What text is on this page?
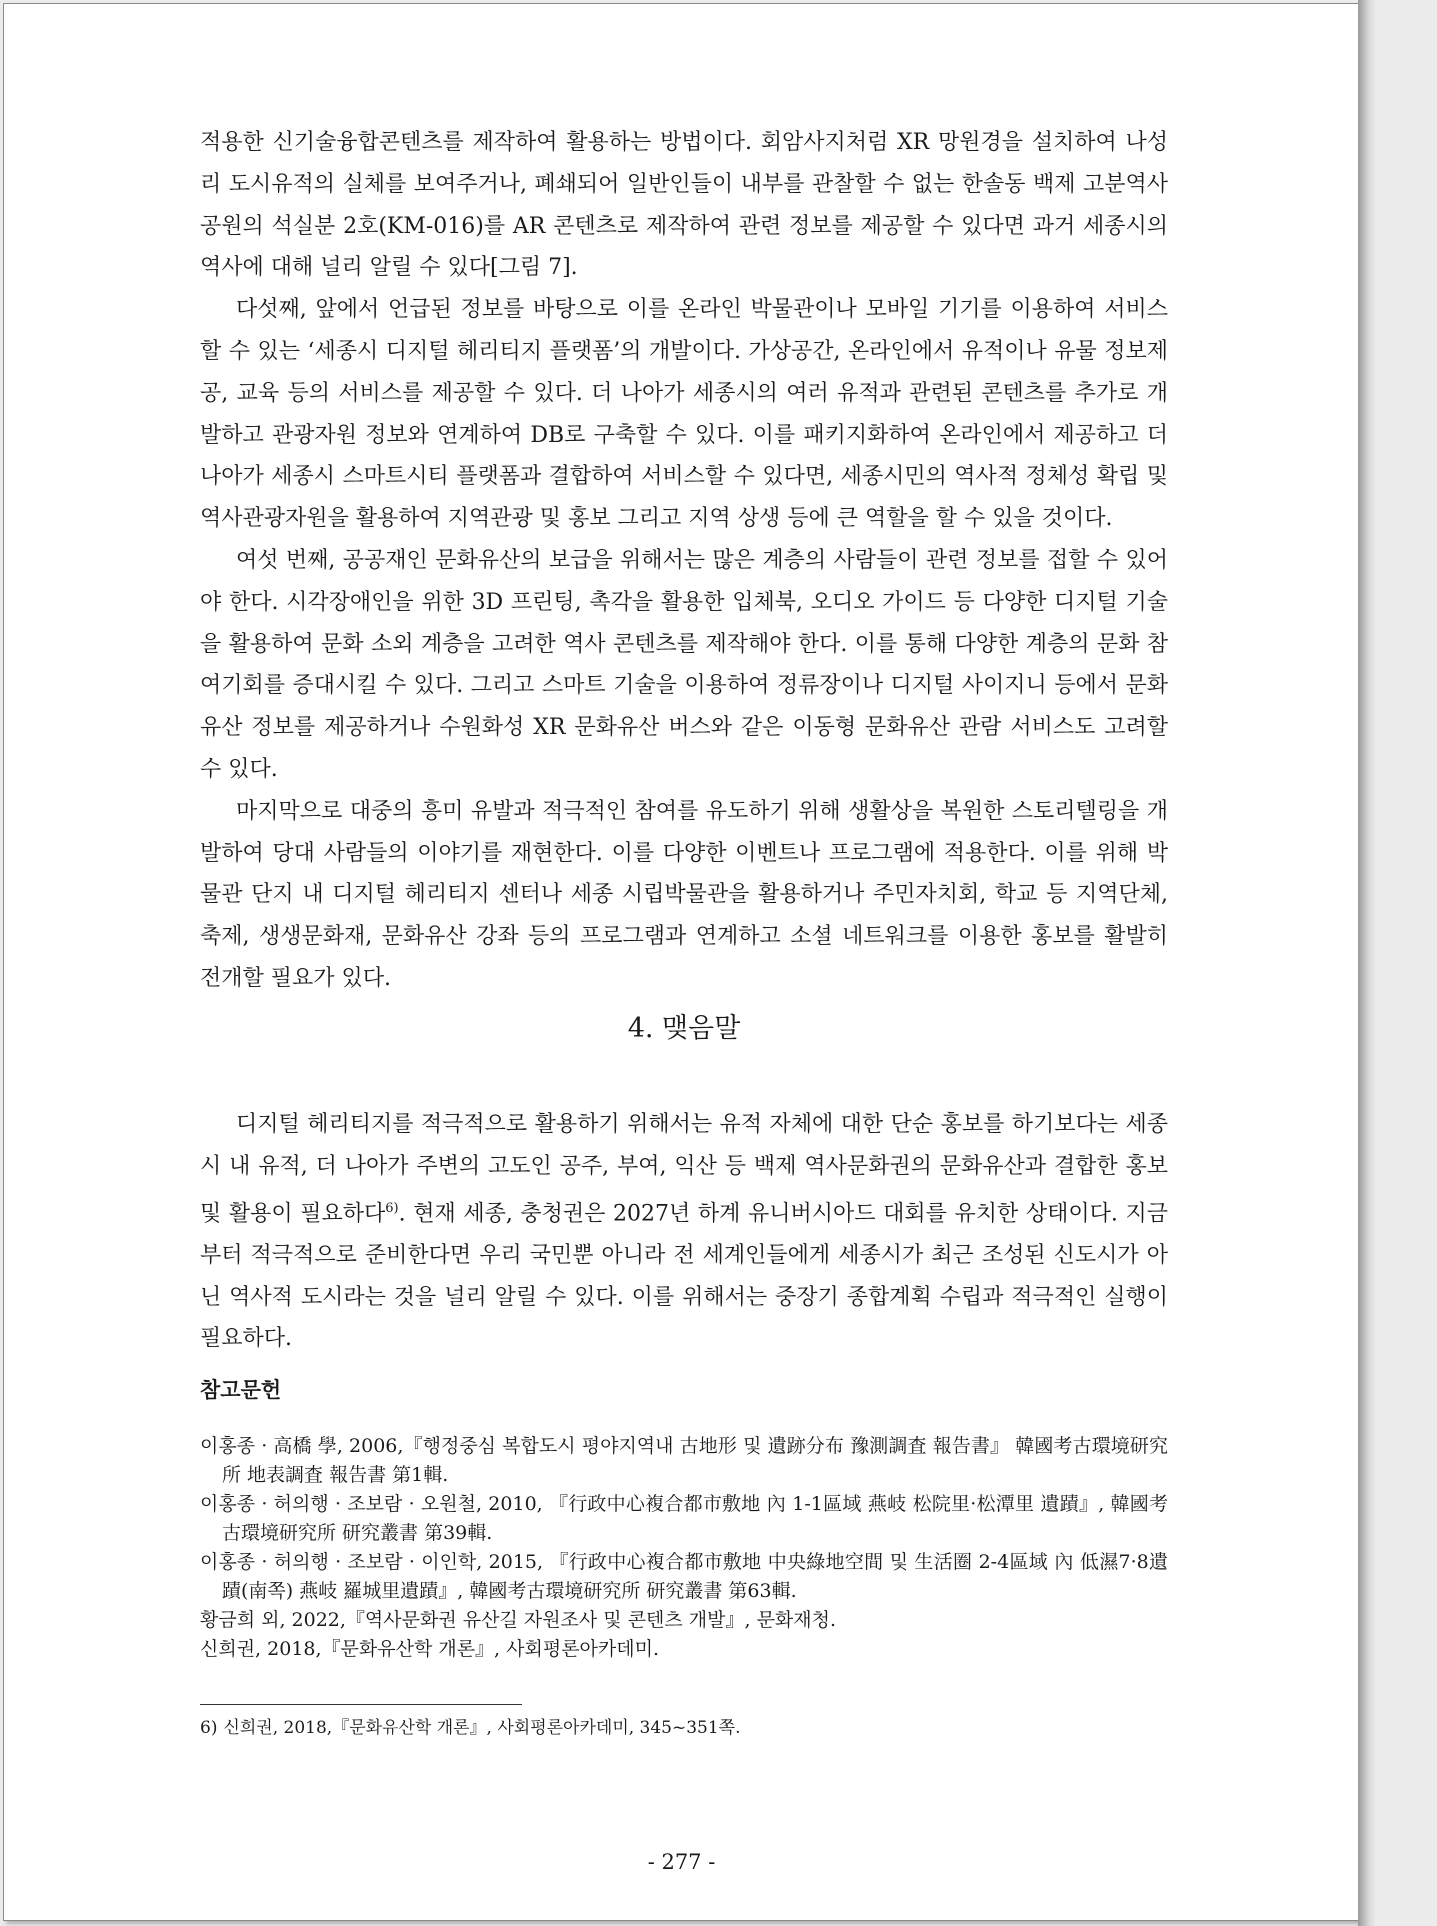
적용한 신기술융합콘텐츠를 제작하여 활용하는 방법이다. 회암사지처럼 XR 망원경을 설치하여 나성리 도시유적의 실체를 보여주거나, 폐쇄되어 일반인들이 내부를 관찰할 수 없는 한솔동 백제 고분역사공원의 석실분 2호(KM-016)를 AR 콘텐츠로 제작하여 관련 정보를 제공할 수 있다면 과거 세종시의 역사에 대해 널리 알릴 수 있다[그림 7].

다섯째, 앞에서 언급된 정보를 바탕으로 이를 온라인 박물관이나 모바일 기기를 이용하여 서비스할 수 있는 ‘세종시 디지털 헤리티지 플랫폼’의 개발이다. 가상공간, 온라인에서 유적이나 유물 정보제공, 교육 등의 서비스를 제공할 수 있다. 더 나아가 세종시의 여러 유적과 관련된 콘텐츠를 추가로 개발하고 관광자원 정보와 연계하여 DB로 구축할 수 있다. 이를 패키지화하여 온라인에서 제공하고 더 나아가 세종시 스마트시티 플랫폼과 결합하여 서비스할 수 있다면, 세종시민의 역사적 정체성 확립 및 역사관광자원을 활용하여 지역관광 및 홍보 그리고 지역 상생 등에 큰 역할을 할 수 있을 것이다.

여섯 번째, 공공재인 문화유산의 보급을 위해서는 많은 계층의 사람들이 관련 정보를 접할 수 있어야 한다. 시각장애인을 위한 3D 프린팅, 촉각을 활용한 입체북, 오디오 가이드 등 다양한 디지털 기술을 활용하여 문화 소외 계층을 고려한 역사 콘텐츠를 제작해야 한다. 이를 통해 다양한 계층의 문화 참여기회를 증대시킬 수 있다. 그리고 스마트 기술을 이용하여 정류장이나 디지털 사이지니 등에서 문화유산 정보를 제공하거나 수원화성 XR 문화유산 버스와 같은 이동형 문화유산 관람 서비스도 고려할 수 있다.

마지막으로 대중의 흥미 유발과 적극적인 참여를 유도하기 위해 생활상을 복원한 스토리텔링을 개발하여 당대 사람들의 이야기를 재현한다. 이를 다양한 이벤트나 프로그램에 적용한다. 이를 위해 박물관 단지 내 디지털 헤리티지 센터나 세종 시립박물관을 활용하거나 주민자치회, 학교 등 지역단체, 축제, 생생문화재, 문화유산 강좌 등의 프로그램과 연계하고 소셜 네트워크를 이용한 홍보를 활발히 전개할 필요가 있다.

4. 맺음말

디지털 헤리티지를 적극적으로 활용하기 위해서는 유적 자체에 대한 단순 홍보를 하기보다는 세종시 내 유적, 더 나아가 주변의 고도인 공주, 부여, 익산 등 백제 역사문화권의 문화유산과 결합한 홍보 및 활용이 필요하다$^{6)}$. 현재 세종, 충청권은 2027년 하계 유니버시아드 대회를 유치한 상태이다. 지금부터 적극적으로 준비한다면 우리 국민뿐 아니라 전 세계인들에게 세종시가 최근 조성된 신도시가 아닌 역사적 도시라는 것을 널리 알릴 수 있다. 이를 위해서는 중장기 종합계획 수립과 적극적인 실행이 필요하다.

참고문헌
이홍종 · 高橋 學, 2006,『행정중심 복합도시 평야지역내 古地形 및 遺跡分布 豫測調査 報告書』 韓國考古環境研究所 地表調査 報告書 第1輯.
이홍종 · 허의행 · 조보람 · 오원철, 2010, 『行政中心複合都市敷地 內 1-1區域 燕岐 松院里·松潭里 遺蹟』, 韓國考古環境研究所 研究叢書 第39輯.
이홍종 · 허의행 · 조보람 · 이인학, 2015, 『行政中心複合都市敷地 中央綠地空間 및 生活圈 2-4區域 內 低濕7·8遺蹟(南쪽) 燕岐 羅城里遺蹟』, 韓國考古環境研究所 研究叢書 第63輯.
황금희 외, 2022,『역사문화권 유산길 자원조사 및 콘텐츠 개발』, 문화재청.
신희권, 2018,『문화유산학 개론』, 사회평론아카데미.
6) 신희권, 2018,『문화유산학 개론』, 사회평론아카데미, 345~351쪽.
- 277 -
